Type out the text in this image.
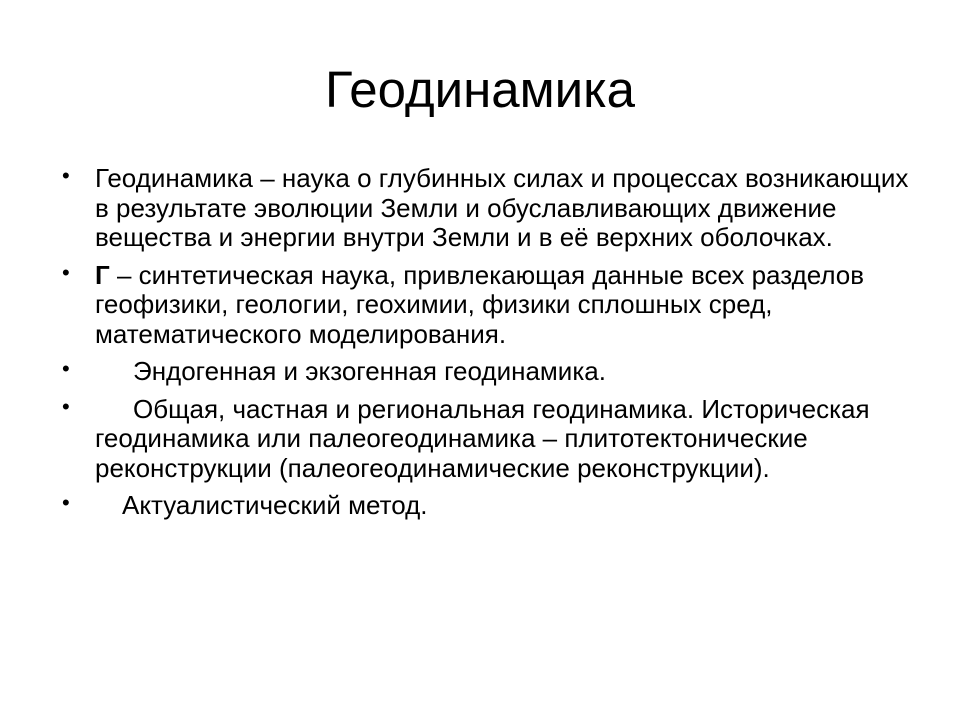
Геодинамика
• Геодинамика – наука о глубинных силах и процессах возникающих в результате эволюции Земли и обуславливающих движение вещества и энергии внутри Земли и в её верхних оболочках.
• Г – синтетическая наука, привлекающая данные всех разделов геофизики, геологии, геохимии, физики сплошных сред, математического моделирования.
•	Эндогенная и экзогенная геодинамика.
•	Общая, частная и региональная геодинамика. Историческая геодинамика или палеогеодинамика – плитотектонические реконструкции (палеогеодинамические реконструкции).
•	Актуалистический метод.
